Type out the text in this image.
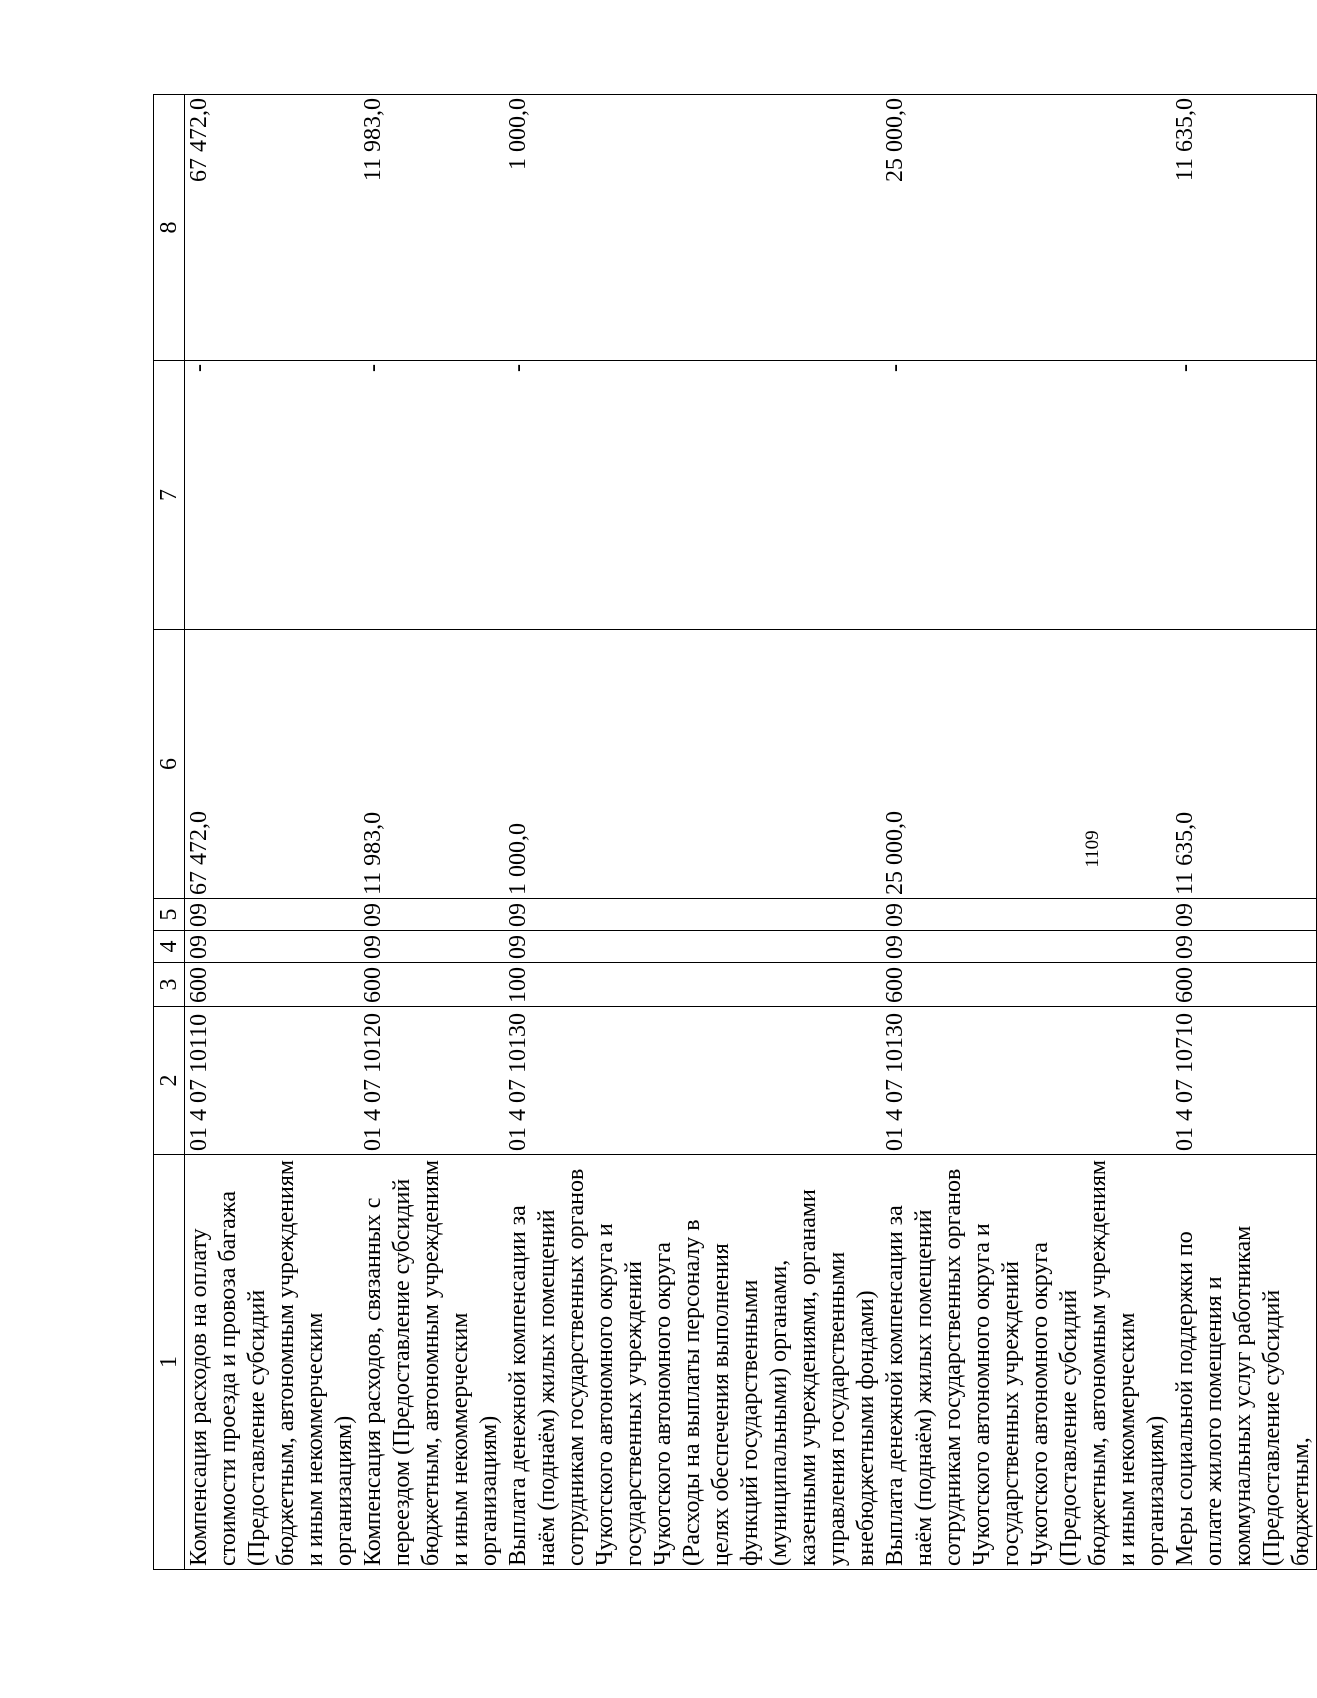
1109
1	2	3	4	5	6	7	8
Компенсация расходов на оплату стоимости проезда и провоза багажа (Предоставление субсидий бюджетным, автономным учреждениям и иным некоммерческим организациям)	01 4 07 10110	600	09	09	67 472,0	-	67 472,0
Компенсация расходов, связанных с переездом (Предоставление субсидий бюджетным, автономным учреждениям и иным некоммерческим организациям)	01 4 07 10120	600	09	09	11 983,0	-	11 983,0
Выплата денежной компенсации за наём (поднаём) жилых помещений сотрудникам государственных органов Чукотского автономного округа и государственных учреждений Чукотского автономного округа (Расходы на выплаты персоналу в целях обеспечения выполнения функций государственными (муниципальными) органами, казенными учреждениями, органами управления государственными внебюджетными фондами)	01 4 07 10130	100	09	09	1 000,0	-	1 000,0
Выплата денежной компенсации за наём (поднаём) жилых помещений сотрудникам государственных органов Чукотского автономного округа и государственных учреждений Чукотского автономного округа (Предоставление субсидий бюджетным, автономным учреждениям и иным некоммерческим организациям)	01 4 07 10130	600	09	09	25 000,0	-	25 000,0
Меры социальной поддержки по оплате жилого помещения и коммунальных услуг работникам (Предоставление субсидий бюджетным,	01 4 07 10710	600	09	09	11 635,0	-	11 635,0
